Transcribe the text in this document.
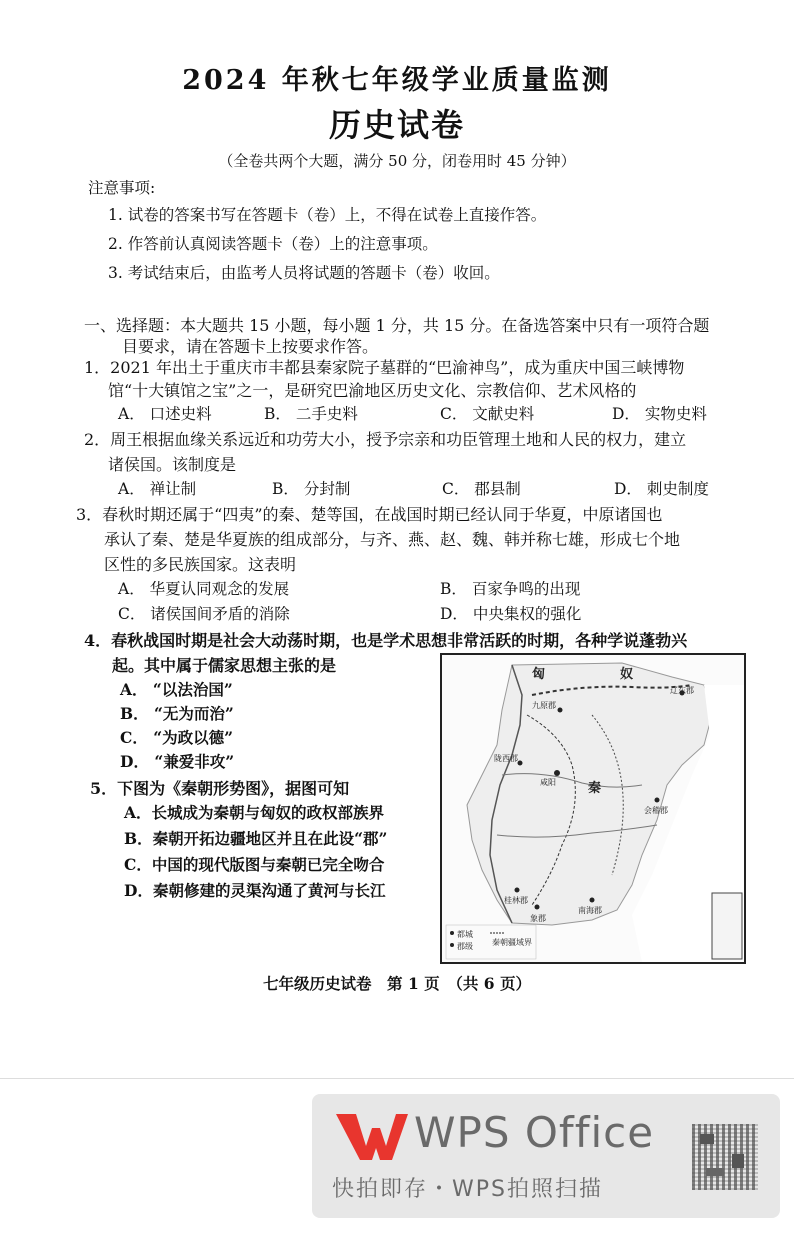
2024 年秋七年级学业质量监测
历史试卷
（全卷共两个大题，满分 50 分，闭卷用时 45 分钟）
注意事项:
1. 试卷的答案书写在答题卡（卷）上，不得在试卷上直接作答。
2. 作答前认真阅读答题卡（卷）上的注意事项。
3. 考试结束后，由监考人员将试题的答题卡（卷）收回。
一、选择题：本大题共 15 小题，每小题 1 分，共 15 分。在备选答案中只有一项符合题
目要求，请在答题卡上按要求作答。
1．2021 年出土于重庆市丰都县秦家院子墓群的“巴渝神鸟”，成为重庆中国三峡博物
馆“十大镇馆之宝”之一，是研究巴渝地区历史文化、宗教信仰、艺术风格的
A． 口述史料	B． 二手史料	C． 文献史料	D． 实物史料
2．周王根据血缘关系远近和功劳大小，授予宗亲和功臣管理土地和人民的权力，建立
诸侯国。该制度是
A． 禅让制	B． 分封制	C． 郡县制	D． 刺史制度
3．春秋时期还属于“四夷”的秦、楚等国，在战国时期已经认同于华夏，中原诸国也
承认了秦、楚是华夏族的组成部分，与齐、燕、赵、魏、韩并称七雄，形成七个地
区性的多民族国家。这表明
A． 华夏认同观念的发展	B． 百家争鸣的出现
C． 诸侯国间矛盾的消除	D． 中央集权的强化
4．春秋战国时期是社会大动荡时期，也是学术思想非常活跃的时期，各种学说蓬勃兴
起。其中属于儒家思想主张的是
A． “以法治国”
B． “无为而治”
C． “为政以德”
D． “兼爱非攻”
5．下图为《秦朝形势图》，据图可知
A．长城成为秦朝与匈奴的政权部族界
B．秦朝开拓边疆地区并且在此设“郡”
C．中国的现代版图与秦朝已完全吻合
D．秦朝修建的灵渠沟通了黄河与长江
匈	奴
辽东郡
九原郡
陇西郡
咸阳 秦
会稽郡
桂林郡
南海郡
象郡
都城
郡级 秦朝疆域界
七年级历史试卷　第 1 页　（共 6 页）
WPS Office
快拍即存・WPS拍照扫描
